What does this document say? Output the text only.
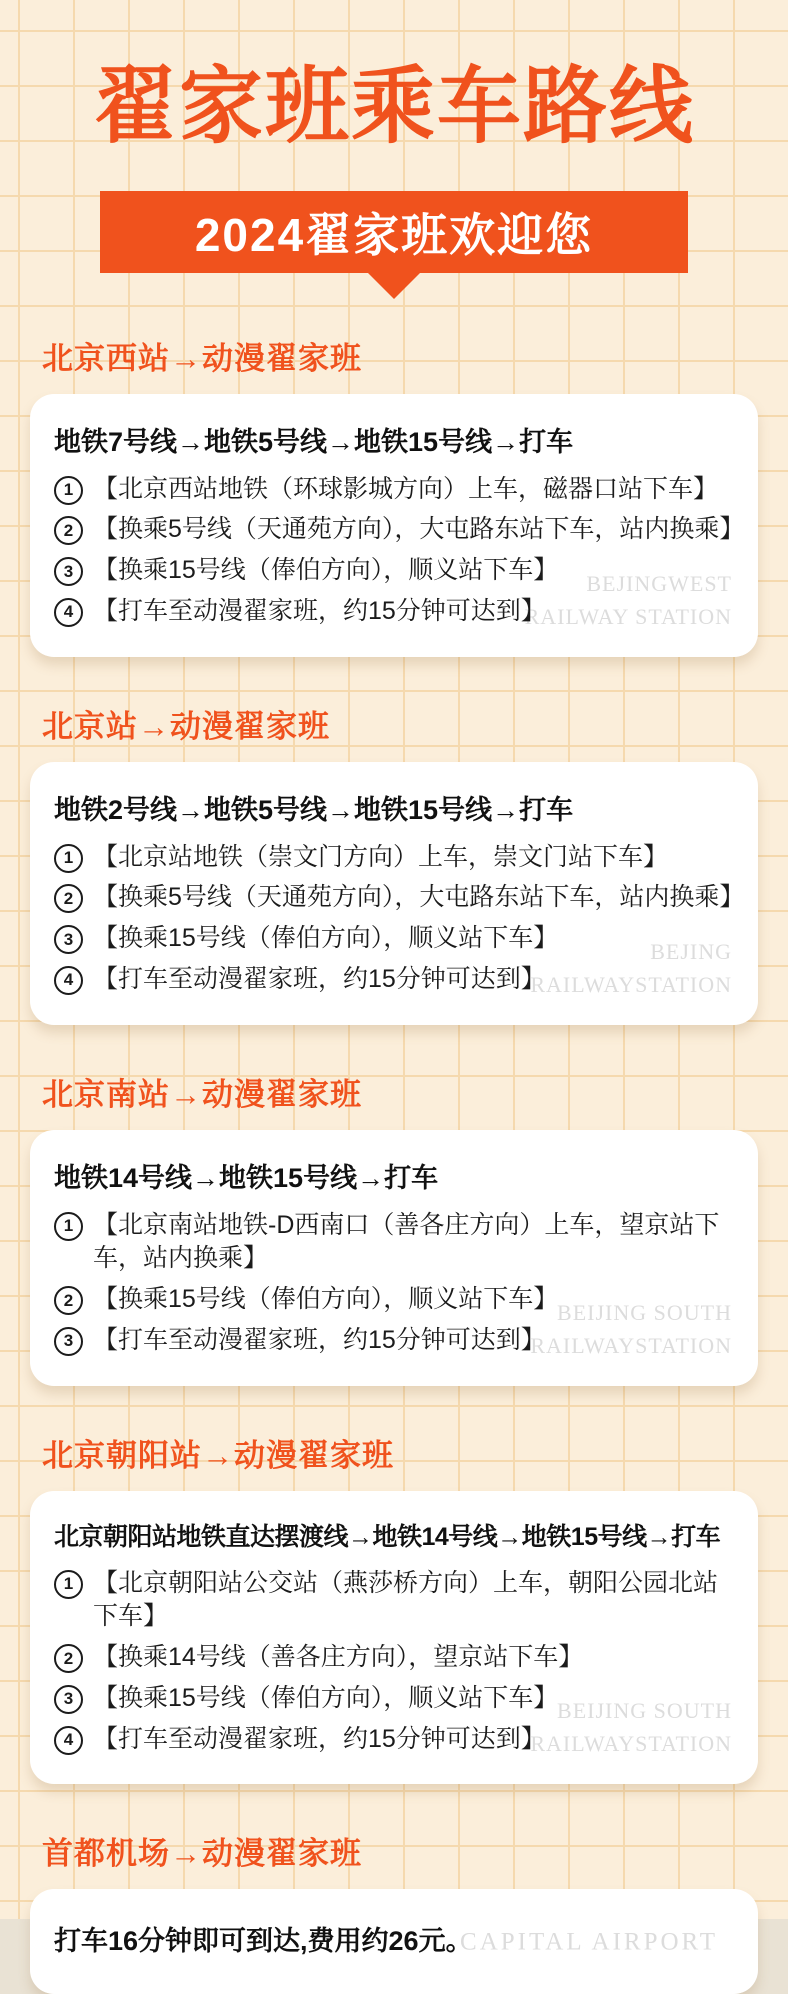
翟家班乘车路线
2024翟家班欢迎您
北京西站→动漫翟家班
地铁7号线→地铁5号线→地铁15号线→打车
1 【北京西站地铁（环球影城方向）上车，磁器口站下车】
2 【换乘5号线（天通苑方向），大屯路东站下车，站内换乘】
3 【换乘15号线（俸伯方向），顺义站下车】
4 【打车至动漫翟家班，约15分钟可达到】
BEJINGWEST
RAILWAY STATION
北京站→动漫翟家班
地铁2号线→地铁5号线→地铁15号线→打车
1 【北京站地铁（崇文门方向）上车，崇文门站下车】
2 【换乘5号线（天通苑方向），大屯路东站下车，站内换乘】
3 【换乘15号线（俸伯方向），顺义站下车】
4 【打车至动漫翟家班，约15分钟可达到】
BEJING
RAILWAYSTATION
北京南站→动漫翟家班
地铁14号线→地铁15号线→打车
1 【北京南站地铁-D西南口（善各庄方向）上车，望京站下车，站内换乘】
2 【换乘15号线（俸伯方向），顺义站下车】
3 【打车至动漫翟家班，约15分钟可达到】
BEIJING SOUTH
RAILWAYSTATION
北京朝阳站→动漫翟家班
北京朝阳站地铁直达摆渡线→地铁14号线→地铁15号线→打车
1 【北京朝阳站公交站（燕莎桥方向）上车，朝阳公园北站下车】
2 【换乘14号线（善各庄方向），望京站下车】
3 【换乘15号线（俸伯方向），顺义站下车】
4 【打车至动漫翟家班，约15分钟可达到】
BEIJING SOUTH
RAILWAYSTATION
首都机场→动漫翟家班
打车16分钟即可到达,费用约26元。
CAPITAL AIRPORT
